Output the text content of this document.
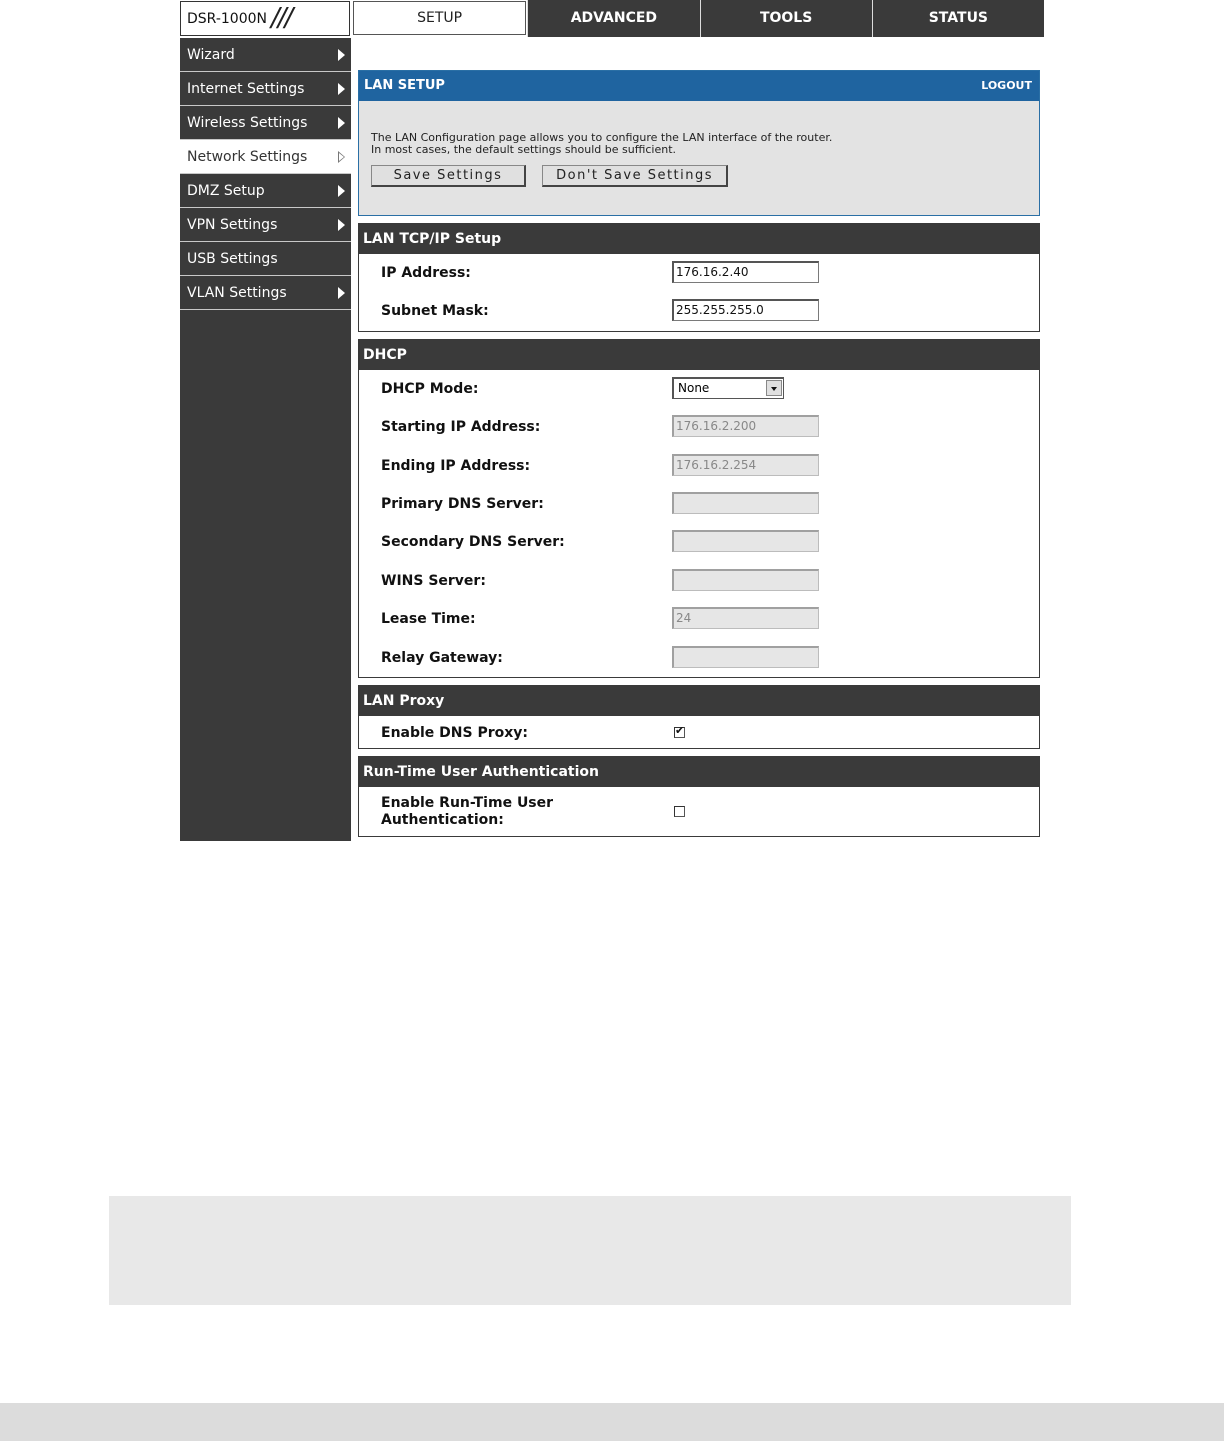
DSR-1000N ///	SETUP	ADVANCED	TOOLS	STATUS
Wizard
Internet Settings
Wireless Settings
Network Settings
DMZ Setup
VPN Settings
USB Settings
VLAN Settings
LAN SETUP	LOGOUT
The LAN Configuration page allows you to configure the LAN interface of the router.
In most cases, the default settings should be sufficient.
Save Settings	Don't Save Settings
LAN TCP/IP Setup
IP Address:	176.16.2.40
Subnet Mask:	255.255.255.0
DHCP
DHCP Mode:	None
Starting IP Address:	176.16.2.200
Ending IP Address:	176.16.2.254
Primary DNS Server:
Secondary DNS Server:
WINS Server:
Lease Time:	24
Relay Gateway:
LAN Proxy
Enable DNS Proxy:
✔
Run-Time User Authentication
Enable Run-Time User
Authentication:
